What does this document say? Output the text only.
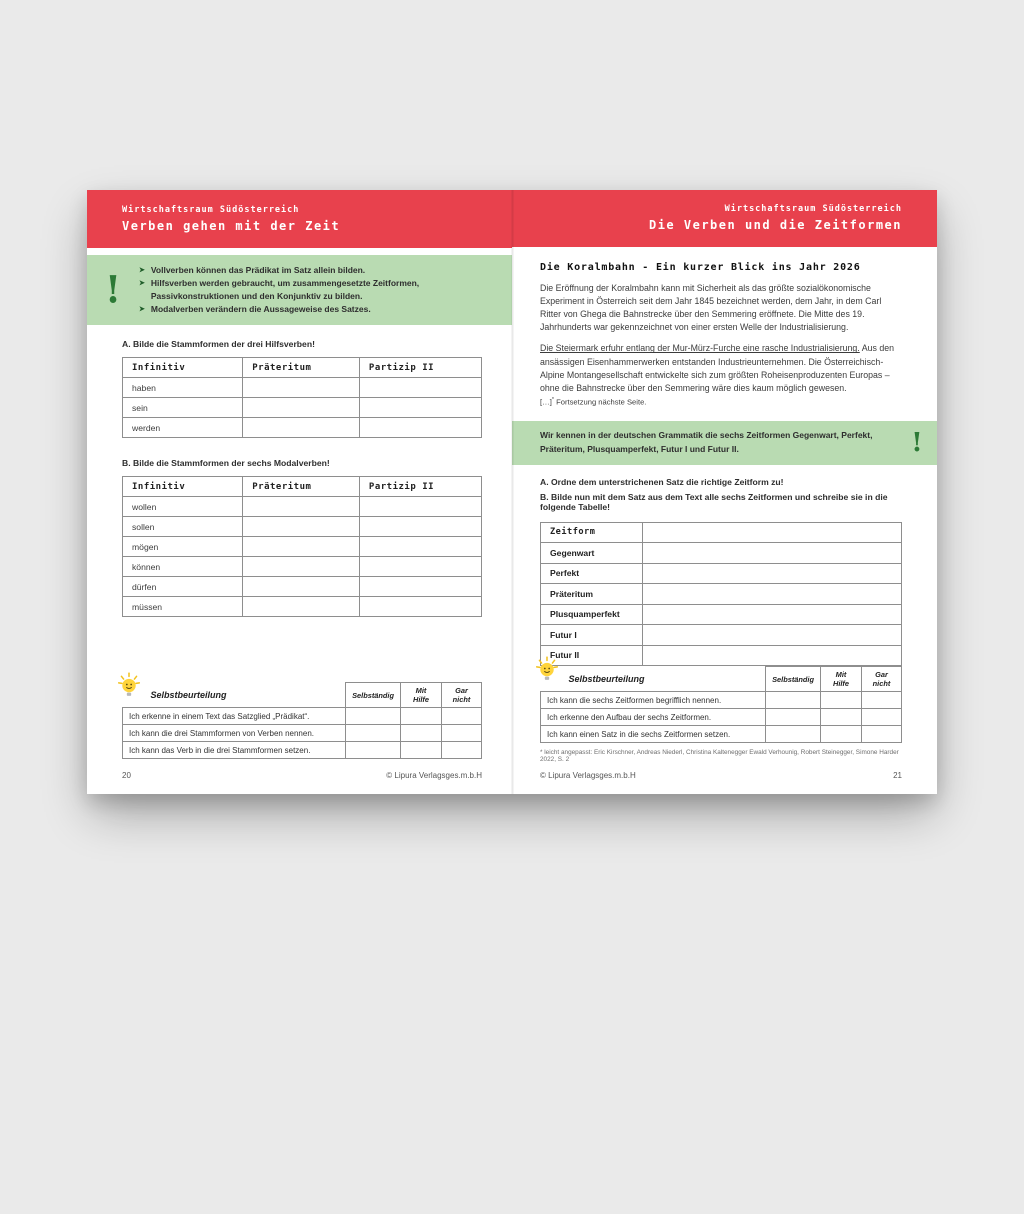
Wirtschaftsraum Südösterreich
Verben gehen mit der Zeit
!	➤ Vollverben können das Prädikat im Satz allein bilden.
➤ Hilfsverben werden gebraucht, um zusammengesetzte Zeitformen, Passivkonstruktionen und den Konjunktiv zu bilden.
➤ Modalverben verändern die Aussageweise des Satzes.
A. Bilde die Stammformen der drei Hilfsverben!
Infinitiv	Präteritum	Partizip II
haben		
sein		
werden		
B. Bilde die Stammformen der sechs Modalverben!
Infinitiv	Präteritum	Partizip II
wollen		
sollen		
mögen		
können		
dürfen		
müssen		
Selbstbeurteilung	Selbständig	Mit Hilfe	Gar nicht
Ich erkenne in einem Text das Satzglied „Prädikat“.			
Ich kann die drei Stammformen von Verben nennen.			
Ich kann das Verb in die drei Stammformen setzen.			
20	© Lipura Verlagsges.m.b.H
Wirtschaftsraum Südösterreich
Die Verben und die Zeitformen
Die Koralmbahn - Ein kurzer Blick ins Jahr 2026

Die Eröffnung der Koralmbahn kann mit Sicherheit als das größte sozialökonomische Experiment in Österreich seit dem Jahr 1845 bezeichnet werden, dem Jahr, in dem Carl Ritter von Ghega die Bahnstrecke über den Semmering eröffnete. Die Mitte des 19. Jahrhunderts war gekennzeichnet von einer ersten Welle der Industrialisierung.

Die Steiermark erfuhr entlang der Mur-Mürz-Furche eine rasche Industrialisierung. Aus den ansässigen Eisenhammerwerken entstanden Industrieunternehmen. Die Österreichisch-Alpine Montangesellschaft entwickelte sich zum größten Roheisenproduzenten Europas – ohne die Bahnstrecke über den Semmering wäre dies kaum möglich gewesen.

[…]* Fortsetzung nächste Seite.
Wir kennen in der deutschen Grammatik die sechs Zeitformen Gegenwart, Perfekt, Präteritum, Plusquamperfekt, Futur I und Futur II.	!
A. Ordne dem unterstrichenen Satz die richtige Zeitform zu!
B. Bilde nun mit dem Satz aus dem Text alle sechs Zeitformen und schreibe sie in die folgende Tabelle!
Zeitform	
Gegenwart	
Perfekt	
Präteritum	
Plusquamperfekt	
Futur I	
Futur II	
Selbstbeurteilung	Selbständig	Mit Hilfe	Gar nicht
Ich kann die sechs Zeitformen begrifflich nennen.			
Ich erkenne den Aufbau der sechs Zeitformen.			
Ich kann einen Satz in die sechs Zeitformen setzen.			
* leicht angepasst: Eric Kirschner, Andreas Niederl, Christina Kaltenegger Ewald Verhounig, Robert Steinegger, Simone Harder 2022, S. 2
© Lipura Verlagsges.m.b.H	21
